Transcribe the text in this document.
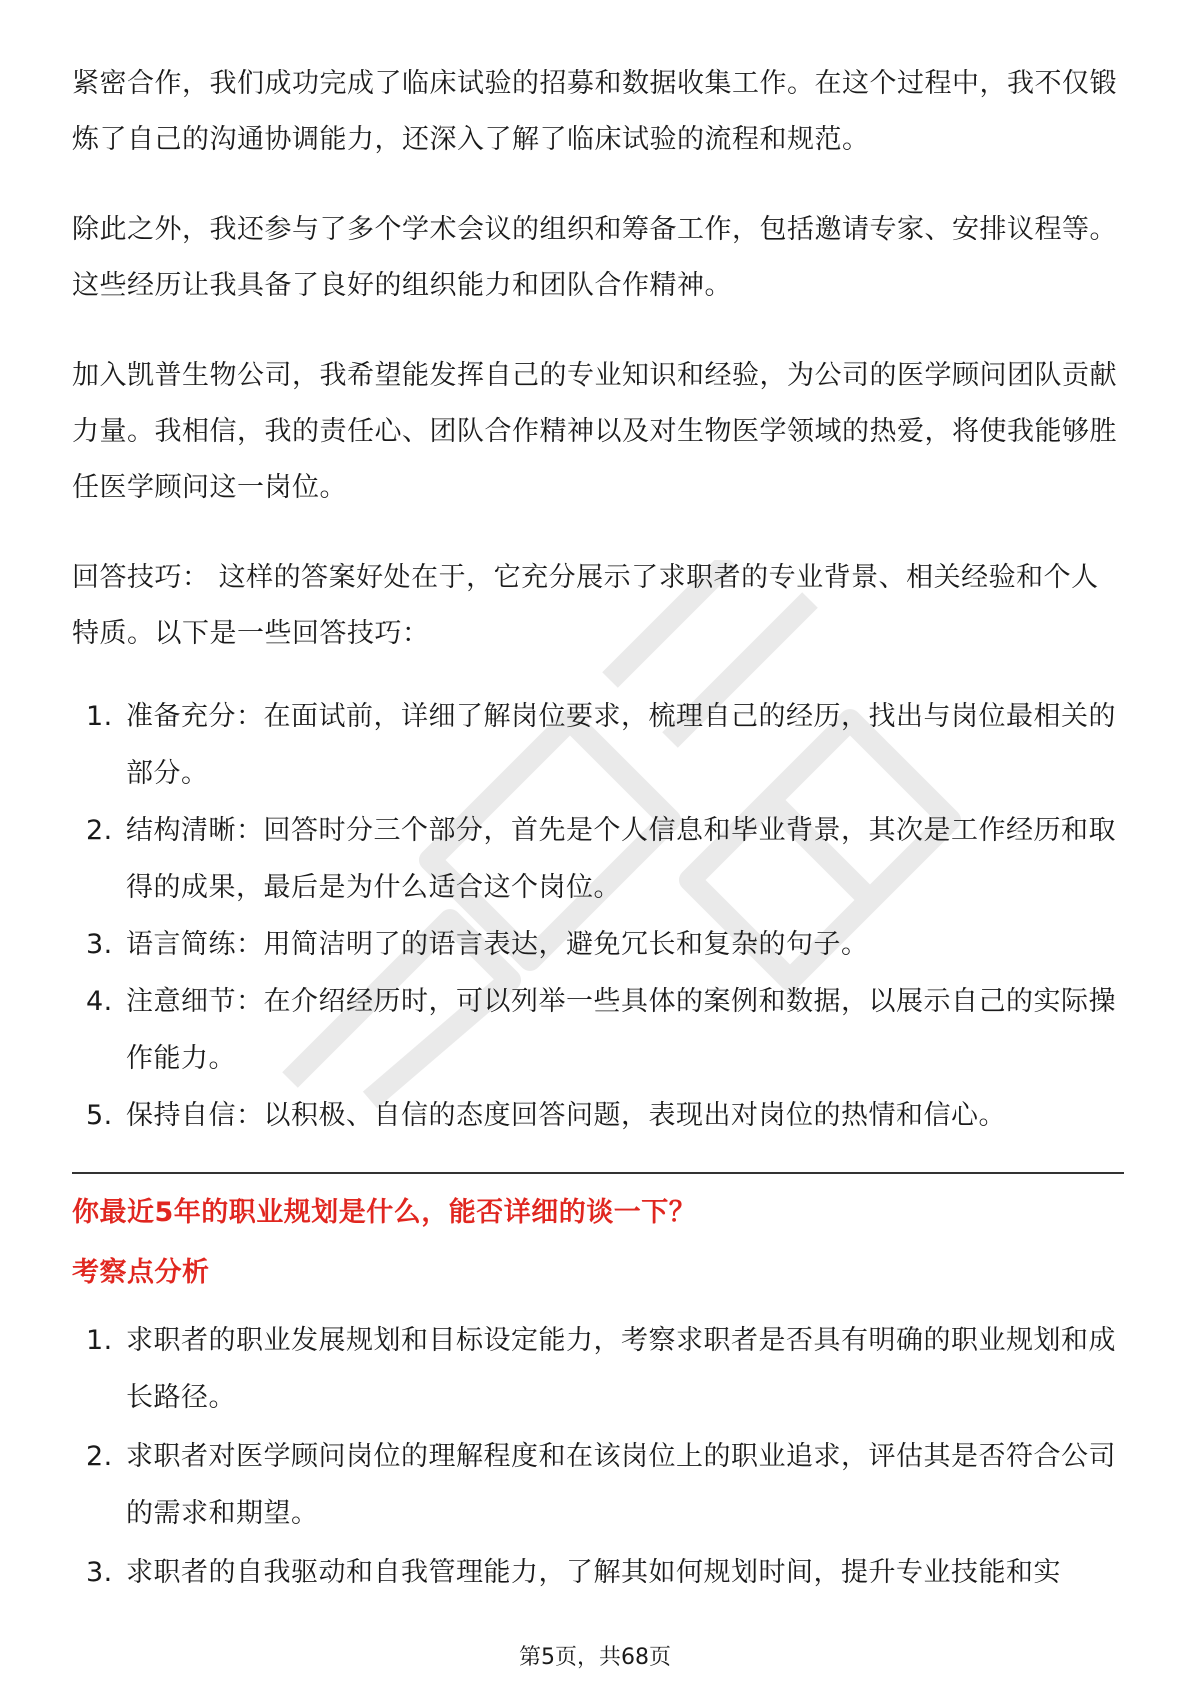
紧密合作，我们成功完成了临床试验的招募和数据收集工作。在这个过程中，我不仅锻炼了自己的沟通协调能力，还深入了解了临床试验的流程和规范。

除此之外，我还参与了多个学术会议的组织和筹备工作，包括邀请专家、安排议程等。这些经历让我具备了良好的组织能力和团队合作精神。

加入凯普生物公司，我希望能发挥自己的专业知识和经验，为公司的医学顾问团队贡献力量。我相信，我的责任心、团队合作精神以及对生物医学领域的热爱，将使我能够胜任医学顾问这一岗位。

回答技巧： 这样的答案好处在于，它充分展示了求职者的专业背景、相关经验和个人特质。以下是一些回答技巧：

1. 准备充分：在面试前，详细了解岗位要求，梳理自己的经历，找出与岗位最相关的部分。
2. 结构清晰：回答时分三个部分，首先是个人信息和毕业背景，其次是工作经历和取得的成果，最后是为什么适合这个岗位。
3. 语言简练：用简洁明了的语言表达，避免冗长和复杂的句子。
4. 注意细节：在介绍经历时，可以列举一些具体的案例和数据，以展示自己的实际操作能力。
5. 保持自信：以积极、自信的态度回答问题，表现出对岗位的热情和信心。
你最近5年的职业规划是什么，能否详细的谈一下？
考察点分析
1. 求职者的职业发展规划和目标设定能力，考察求职者是否具有明确的职业规划和成长路径。
2. 求职者对医学顾问岗位的理解程度和在该岗位上的职业追求，评估其是否符合公司的需求和期望。
3. 求职者的自我驱动和自我管理能力，了解其如何规划时间，提升专业技能和实
第5页，共68页
